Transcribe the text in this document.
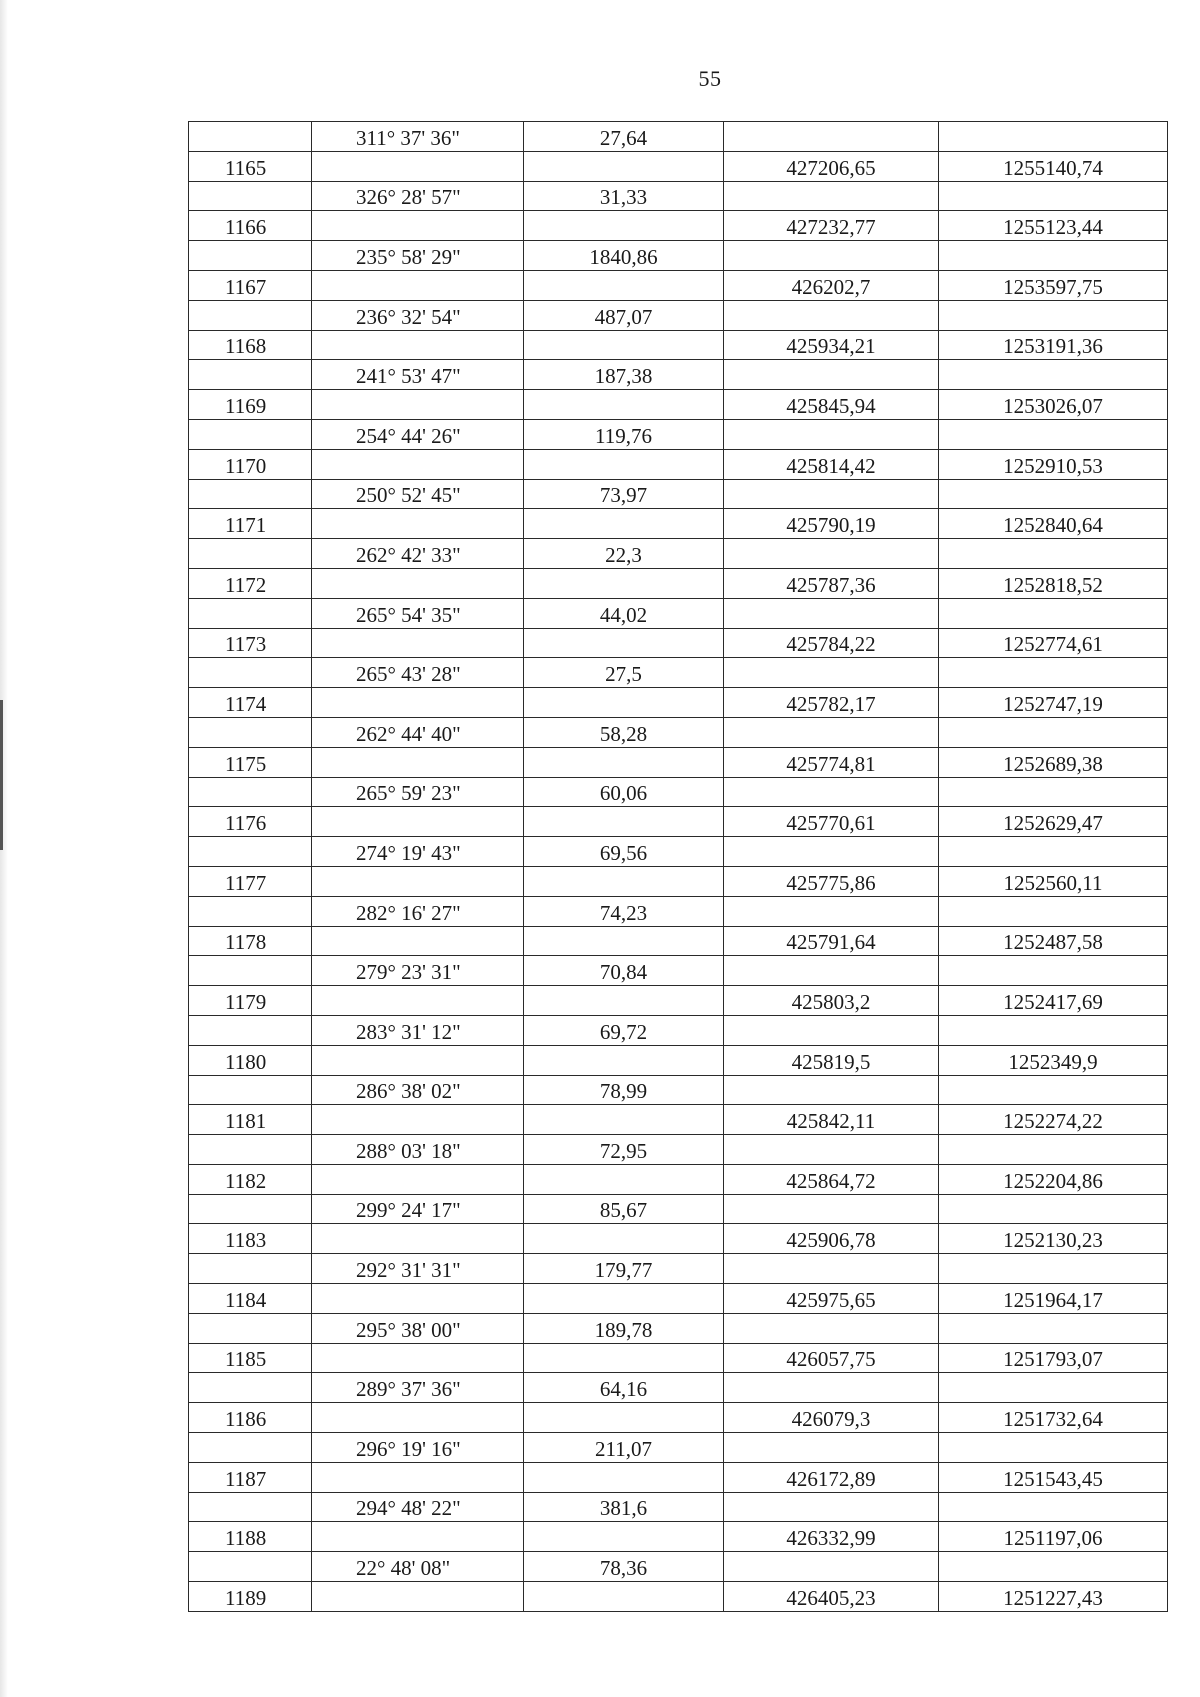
55
	311° 37' 36"	27,64		
1165			427206,65	1255140,74
	326° 28' 57"	31,33		
1166			427232,77	1255123,44
	235° 58' 29"	1840,86		
1167			426202,7	1253597,75
	236° 32' 54"	487,07		
1168			425934,21	1253191,36
	241° 53' 47"	187,38		
1169			425845,94	1253026,07
	254° 44' 26"	119,76		
1170			425814,42	1252910,53
	250° 52' 45"	73,97		
1171			425790,19	1252840,64
	262° 42' 33"	22,3		
1172			425787,36	1252818,52
	265° 54' 35"	44,02		
1173			425784,22	1252774,61
	265° 43' 28"	27,5		
1174			425782,17	1252747,19
	262° 44' 40"	58,28		
1175			425774,81	1252689,38
	265° 59' 23"	60,06		
1176			425770,61	1252629,47
	274° 19' 43"	69,56		
1177			425775,86	1252560,11
	282° 16' 27"	74,23		
1178			425791,64	1252487,58
	279° 23' 31"	70,84		
1179			425803,2	1252417,69
	283° 31' 12"	69,72		
1180			425819,5	1252349,9
	286° 38' 02"	78,99		
1181			425842,11	1252274,22
	288° 03' 18"	72,95		
1182			425864,72	1252204,86
	299° 24' 17"	85,67		
1183			425906,78	1252130,23
	292° 31' 31"	179,77		
1184			425975,65	1251964,17
	295° 38' 00"	189,78		
1185			426057,75	1251793,07
	289° 37' 36"	64,16		
1186			426079,3	1251732,64
	296° 19' 16"	211,07		
1187			426172,89	1251543,45
	294° 48' 22"	381,6		
1188			426332,99	1251197,06
	22° 48' 08"	78,36		
1189			426405,23	1251227,43
